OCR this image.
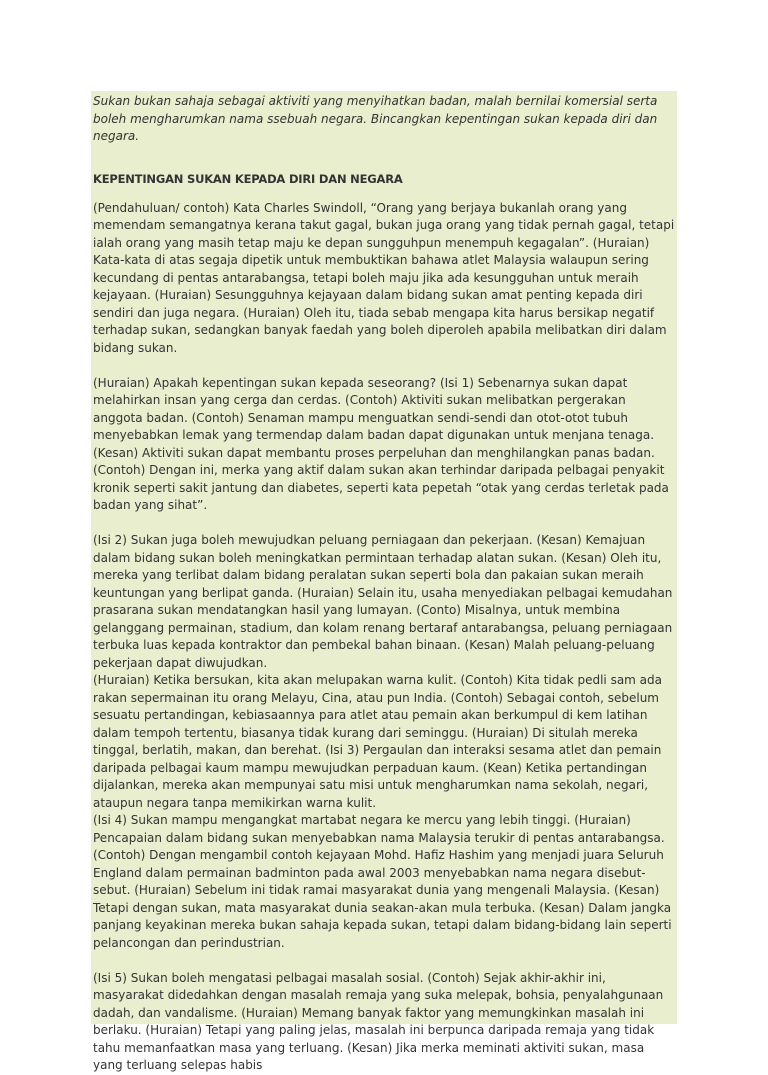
Sukan bukan sahaja sebagai aktiviti yang menyihatkan badan, malah bernilai komersial serta boleh mengharumkan nama ssebuah negara. Bincangkan kepentingan sukan kepada diri dan negara.

KEPENTINGAN SUKAN KEPADA DIRI DAN NEGARA

(Pendahuluan/ contoh) Kata Charles Swindoll, “Orang yang berjaya bukanlah orang yang memendam semangatnya kerana takut gagal, bukan juga orang yang tidak pernah gagal, tetapi ialah orang yang masih tetap maju ke depan sungguhpun menempuh kegagalan”. (Huraian) Kata-kata di atas segaja dipetik untuk membuktikan bahawa atlet Malaysia walaupun sering kecundang di pentas antarabangsa, tetapi boleh maju jika ada kesungguhan untuk meraih kejayaan. (Huraian) Sesungguhnya kejayaan dalam bidang sukan amat penting kepada diri sendiri dan juga negara. (Huraian) Oleh itu, tiada sebab mengapa kita harus bersikap negatif terhadap sukan, sedangkan banyak faedah yang boleh diperoleh apabila melibatkan diri dalam bidang sukan.

(Huraian) Apakah kepentingan sukan kepada seseorang? (Isi 1) Sebenarnya sukan dapat melahirkan insan yang cerga dan cerdas. (Contoh) Aktiviti sukan melibatkan pergerakan anggota badan. (Contoh) Senaman mampu menguatkan sendi-sendi dan otot-otot tubuh menyebabkan lemak yang termendap dalam badan dapat digunakan untuk menjana tenaga. (Kesan) Aktiviti sukan dapat membantu proses perpeluhan dan menghilangkan panas badan. (Contoh) Dengan ini, merka yang aktif dalam sukan akan terhindar daripada pelbagai penyakit kronik seperti sakit jantung dan diabetes, seperti kata pepetah “otak yang cerdas terletak pada badan yang sihat”.

(Isi 2) Sukan juga boleh mewujudkan peluang perniagaan dan pekerjaan. (Kesan) Kemajuan dalam bidang sukan boleh meningkatkan permintaan terhadap alatan sukan. (Kesan) Oleh itu, mereka yang terlibat dalam bidang peralatan sukan seperti bola dan pakaian sukan meraih keuntungan yang berlipat ganda. (Huraian) Selain itu, usaha menyediakan pelbagai kemudahan prasarana sukan mendatangkan hasil yang lumayan. (Conto) Misalnya, untuk membina gelanggang permainan, stadium, dan kolam renang bertaraf antarabangsa, peluang perniagaan terbuka luas kepada kontraktor dan pembekal bahan binaan. (Kesan) Malah peluang-peluang pekerjaan dapat diwujudkan.

(Huraian) Ketika bersukan, kita akan melupakan warna kulit. (Contoh) Kita tidak pedli sam ada rakan sepermainan itu orang Melayu, Cina, atau pun India. (Contoh) Sebagai contoh, sebelum sesuatu pertandingan, kebiasaannya para atlet atau pemain akan berkumpul di kem latihan dalam tempoh tertentu, biasanya tidak kurang dari seminggu. (Huraian) Di situlah mereka tinggal, berlatih, makan, dan berehat. (Isi 3) Pergaulan dan interaksi sesama atlet dan pemain daripada pelbagai kaum mampu mewujudkan perpaduan kaum. (Kean) Ketika pertandingan dijalankan, mereka akan mempunyai satu misi untuk mengharumkan nama sekolah, negari, ataupun negara tanpa memikirkan warna kulit.

(Isi 4) Sukan mampu mengangkat martabat negara ke mercu yang lebih tinggi. (Huraian) Pencapaian dalam bidang sukan menyebabkan nama Malaysia terukir di pentas antarabangsa. (Contoh) Dengan mengambil contoh kejayaan Mohd. Hafiz Hashim yang menjadi juara Seluruh England dalam permainan badminton pada awal 2003 menyebabkan nama negara disebut-sebut. (Huraian) Sebelum ini tidak ramai masyarakat dunia yang mengenali Malaysia. (Kesan) Tetapi dengan sukan, mata masyarakat dunia seakan-akan mula terbuka. (Kesan) Dalam jangka panjang keyakinan mereka bukan sahaja kepada sukan, tetapi dalam bidang-bidang lain seperti pelancongan dan perindustrian.

(Isi 5) Sukan boleh mengatasi pelbagai masalah sosial. (Contoh) Sejak akhir-akhir ini, masyarakat didedahkan dengan masalah remaja yang suka melepak, bohsia, penyalahgunaan dadah, dan vandalisme. (Huraian) Memang banyak faktor yang memungkinkan masalah ini berlaku. (Huraian) Tetapi yang paling jelas, masalah ini berpunca daripada remaja yang tidak tahu memanfaatkan masa yang terluang. (Kesan) Jika merka meminati aktiviti sukan, masa yang terluang selepas habis
